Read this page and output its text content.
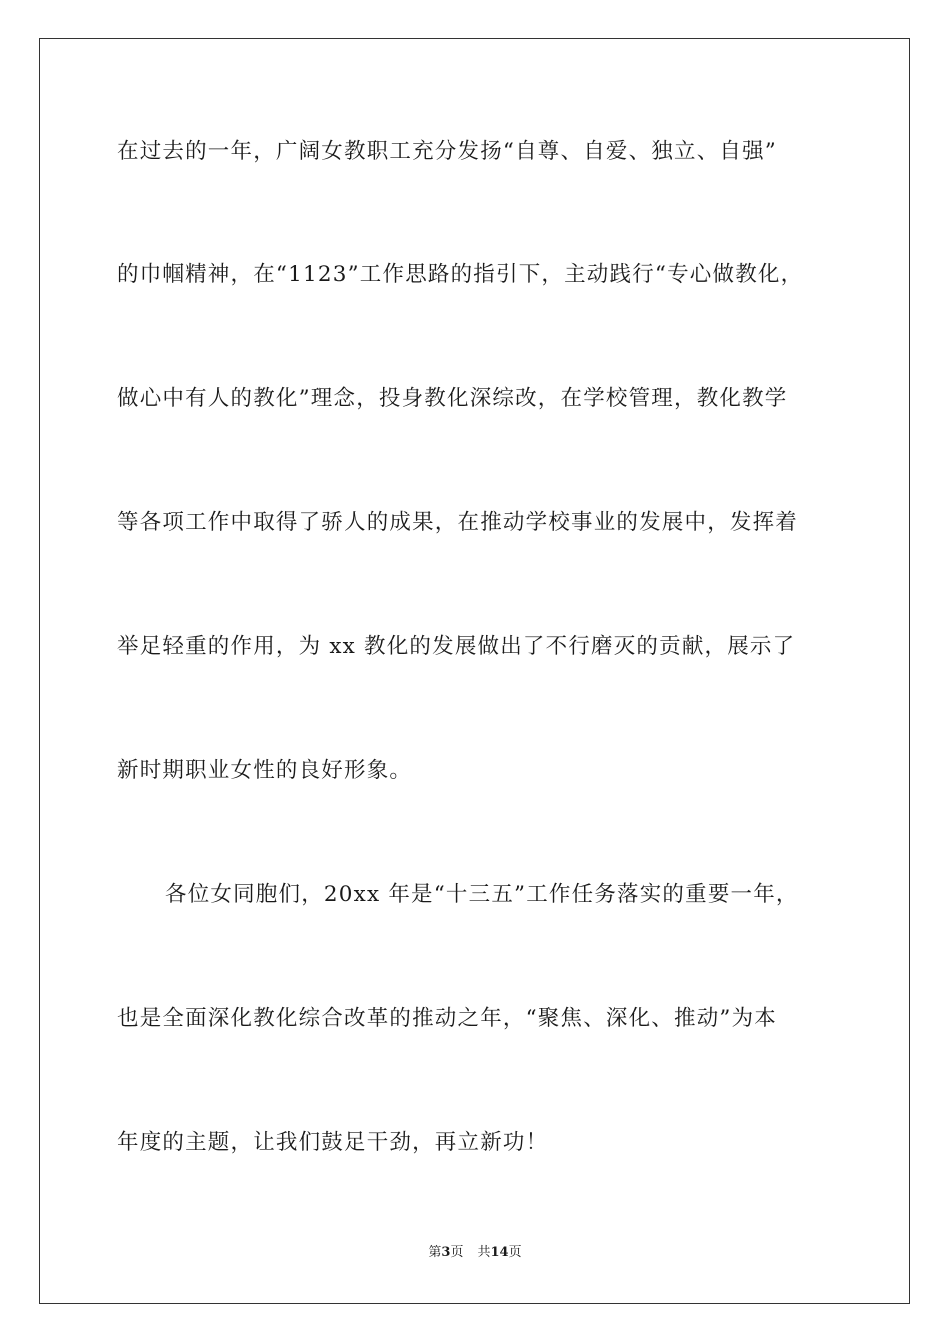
在过去的一年，广阔女教职工充分发扬“自尊、自爱、独立、自强”
的巾帼精神，在“1123”工作思路的指引下，主动践行“专心做教化，
做心中有人的教化”理念，投身教化深综改，在学校管理，教化教学
等各项工作中取得了骄人的成果，在推动学校事业的发展中，发挥着
举足轻重的作用，为 xx 教化的发展做出了不行磨灭的贡献，展示了
新时期职业女性的良好形象。
各位女同胞们，20xx 年是“十三五”工作任务落实的重要一年，
也是全面深化教化综合改革的推动之年，“聚焦、深化、推动”为本
年度的主题，让我们鼓足干劲，再立新功！
第3页 共14页
